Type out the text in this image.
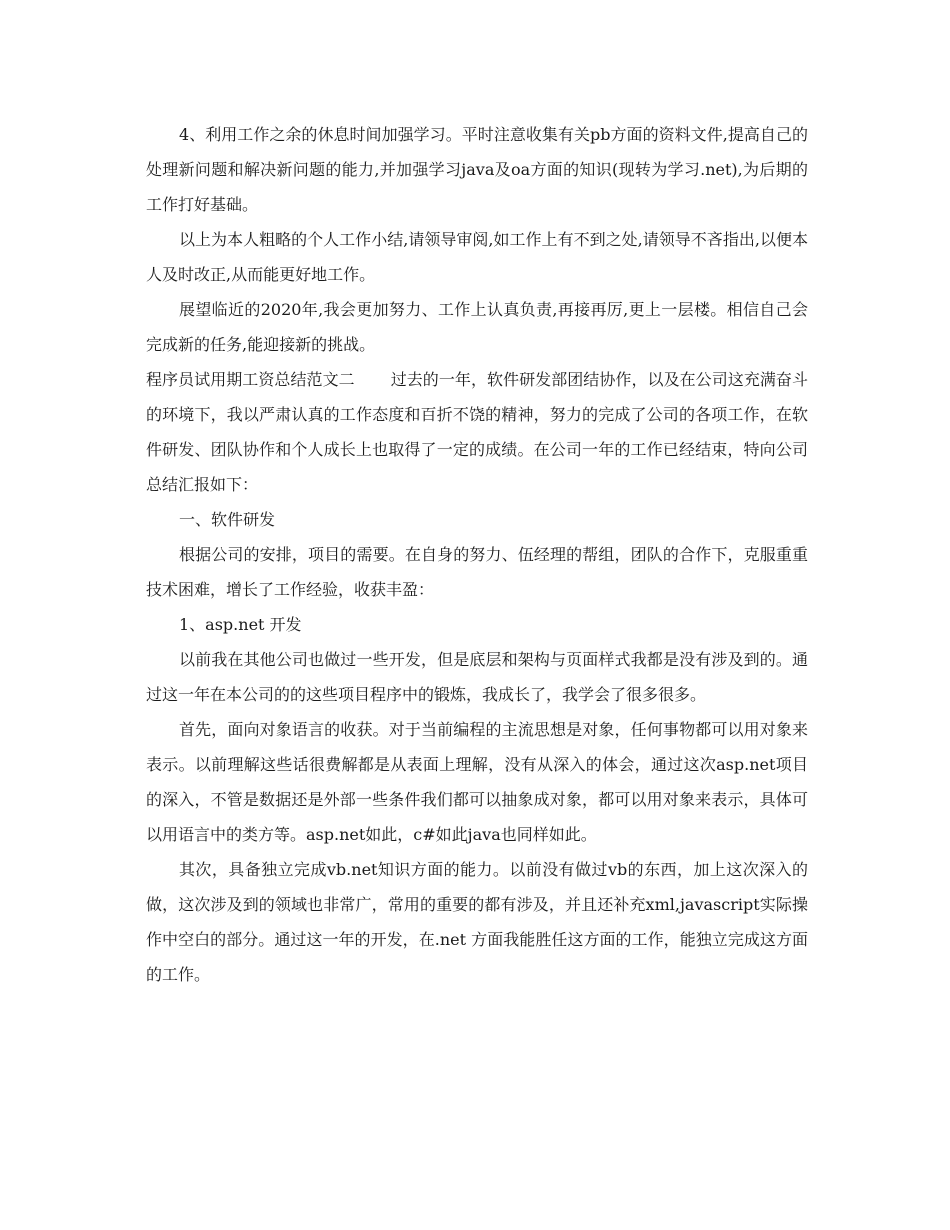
4、利用工作之余的休息时间加强学习。平时注意收集有关pb方面的资料文件,提高自己的处理新问题和解决新问题的能力,并加强学习java及oa方面的知识(现转为学习.net),为后期的工作打好基础。

以上为本人粗略的个人工作小结,请领导审阅,如工作上有不到之处,请领导不吝指出,以便本人及时改正,从而能更好地工作。

展望临近的2020年,我会更加努力、工作上认真负责,再接再厉,更上一层楼。相信自己会完成新的任务,能迎接新的挑战。

程序员试用期工资总结范文二 过去的一年，软件研发部团结协作，以及在公司这充满奋斗的环境下，我以严肃认真的工作态度和百折不饶的精神，努力的完成了公司的各项工作，在软件研发、团队协作和个人成长上也取得了一定的成绩。在公司一年的工作已经结束，特向公司总结汇报如下：

一、软件研发

根据公司的安排，项目的需要。在自身的努力、伍经理的帮组，团队的合作下，克服重重技术困难，增长了工作经验，收获丰盈：

1、asp.net 开发

以前我在其他公司也做过一些开发，但是底层和架构与页面样式我都是没有涉及到的。通过这一年在本公司的的这些项目程序中的锻炼，我成长了，我学会了很多很多。

首先，面向对象语言的收获。对于当前编程的主流思想是对象，任何事物都可以用对象来表示。以前理解这些话很费解都是从表面上理解，没有从深入的体会，通过这次asp.net项目的深入，不管是数据还是外部一些条件我们都可以抽象成对象，都可以用对象来表示，具体可以用语言中的类方等。asp.net如此，c#如此java也同样如此。

其次，具备独立完成vb.net知识方面的能力。以前没有做过vb的东西，加上这次深入的做，这次涉及到的领域也非常广，常用的重要的都有涉及，并且还补充xml,javascript实际操作中空白的部分。通过这一年的开发，在.net 方面我能胜任这方面的工作，能独立完成这方面的工作。
